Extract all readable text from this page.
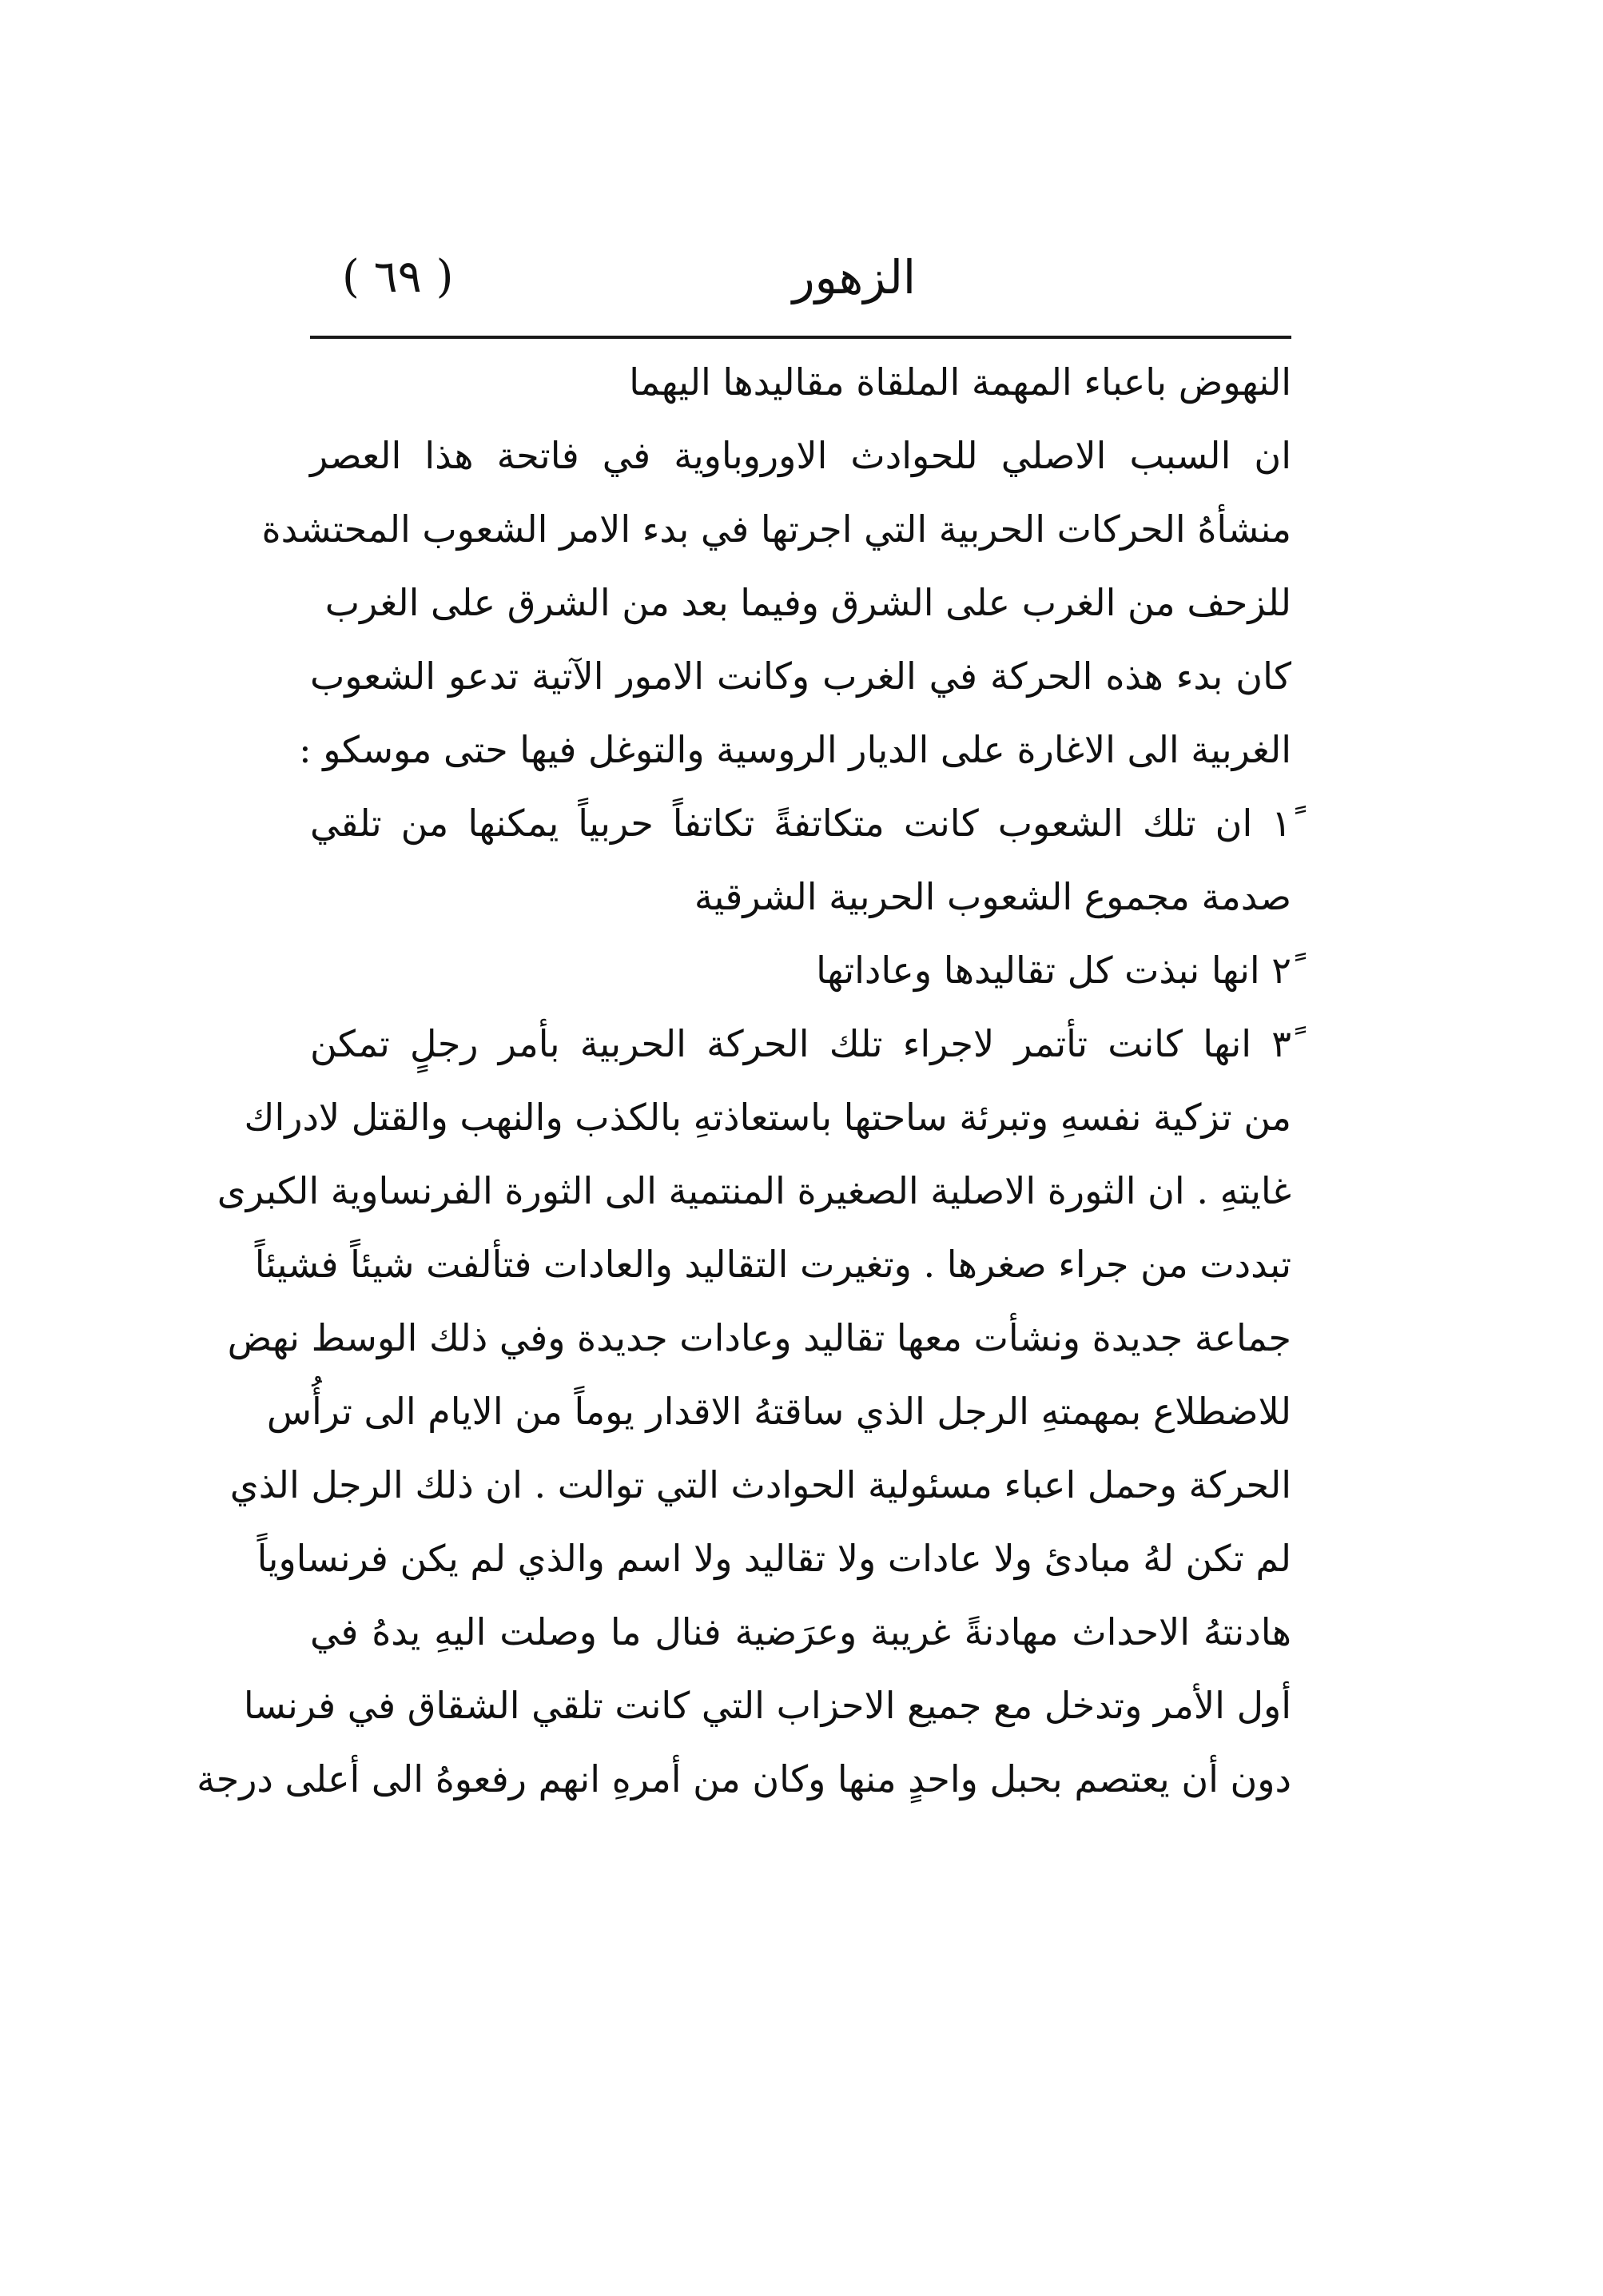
الزهور
( ٦٩ )
النهوض باعباء المهمة الملقاة مقاليدها اليهما
ان السبب الاصلي للحوادث الاوروباوية في فاتحة هذا العصر
منشأهُ الحركات الحربية التي اجرتها في بدء الامر الشعوب المحتشدة
للزحف من الغرب على الشرق وفيما بعد من الشرق على الغرب
كان بدء هذه الحركة في الغرب وكانت الامور الآتية تدعو الشعوب
الغربية الى الاغارة على الديار الروسية والتوغل فيها حتى موسكو :
١ً ان تلك الشعوب كانت متكاتفةً تكاتفاً حربياً يمكنها من تلقي
صدمة مجموع الشعوب الحربية الشرقية
٢ً انها نبذت كل تقاليدها وعاداتها
٣ً انها كانت تأتمر لاجراء تلك الحركة الحربية بأمر رجلٍ تمكن
من تزكية نفسهِ وتبرئة ساحتها باستعاذتهِ بالكذب والنهب والقتل لادراك
غايتهِ . ان الثورة الاصلية الصغيرة المنتمية الى الثورة الفرنساوية الكبرى
تبددت من جراء صغرها . وتغيرت التقاليد والعادات فتألفت شيئاً فشيئاً
جماعة جديدة ونشأت معها تقاليد وعادات جديدة وفي ذلك الوسط نهض
للاضطلاع بمهمتهِ الرجل الذي ساقتهُ الاقدار يوماً من الايام الى ترأُس
الحركة وحمل اعباء مسئولية الحوادث التي توالت . ان ذلك الرجل الذي
لم تكن لهُ مبادئ ولا عادات ولا تقاليد ولا اسم والذي لم يكن فرنساوياً
هادنتهُ الاحداث مهادنةً غريبة وعرَضية فنال ما وصلت اليهِ يدهُ في
أول الأمر وتدخل مع جميع الاحزاب التي كانت تلقي الشقاق في فرنسا
دون أن يعتصم بحبل واحدٍ منها وكان من أمرهِ انهم رفعوهُ الى أعلى درجة
